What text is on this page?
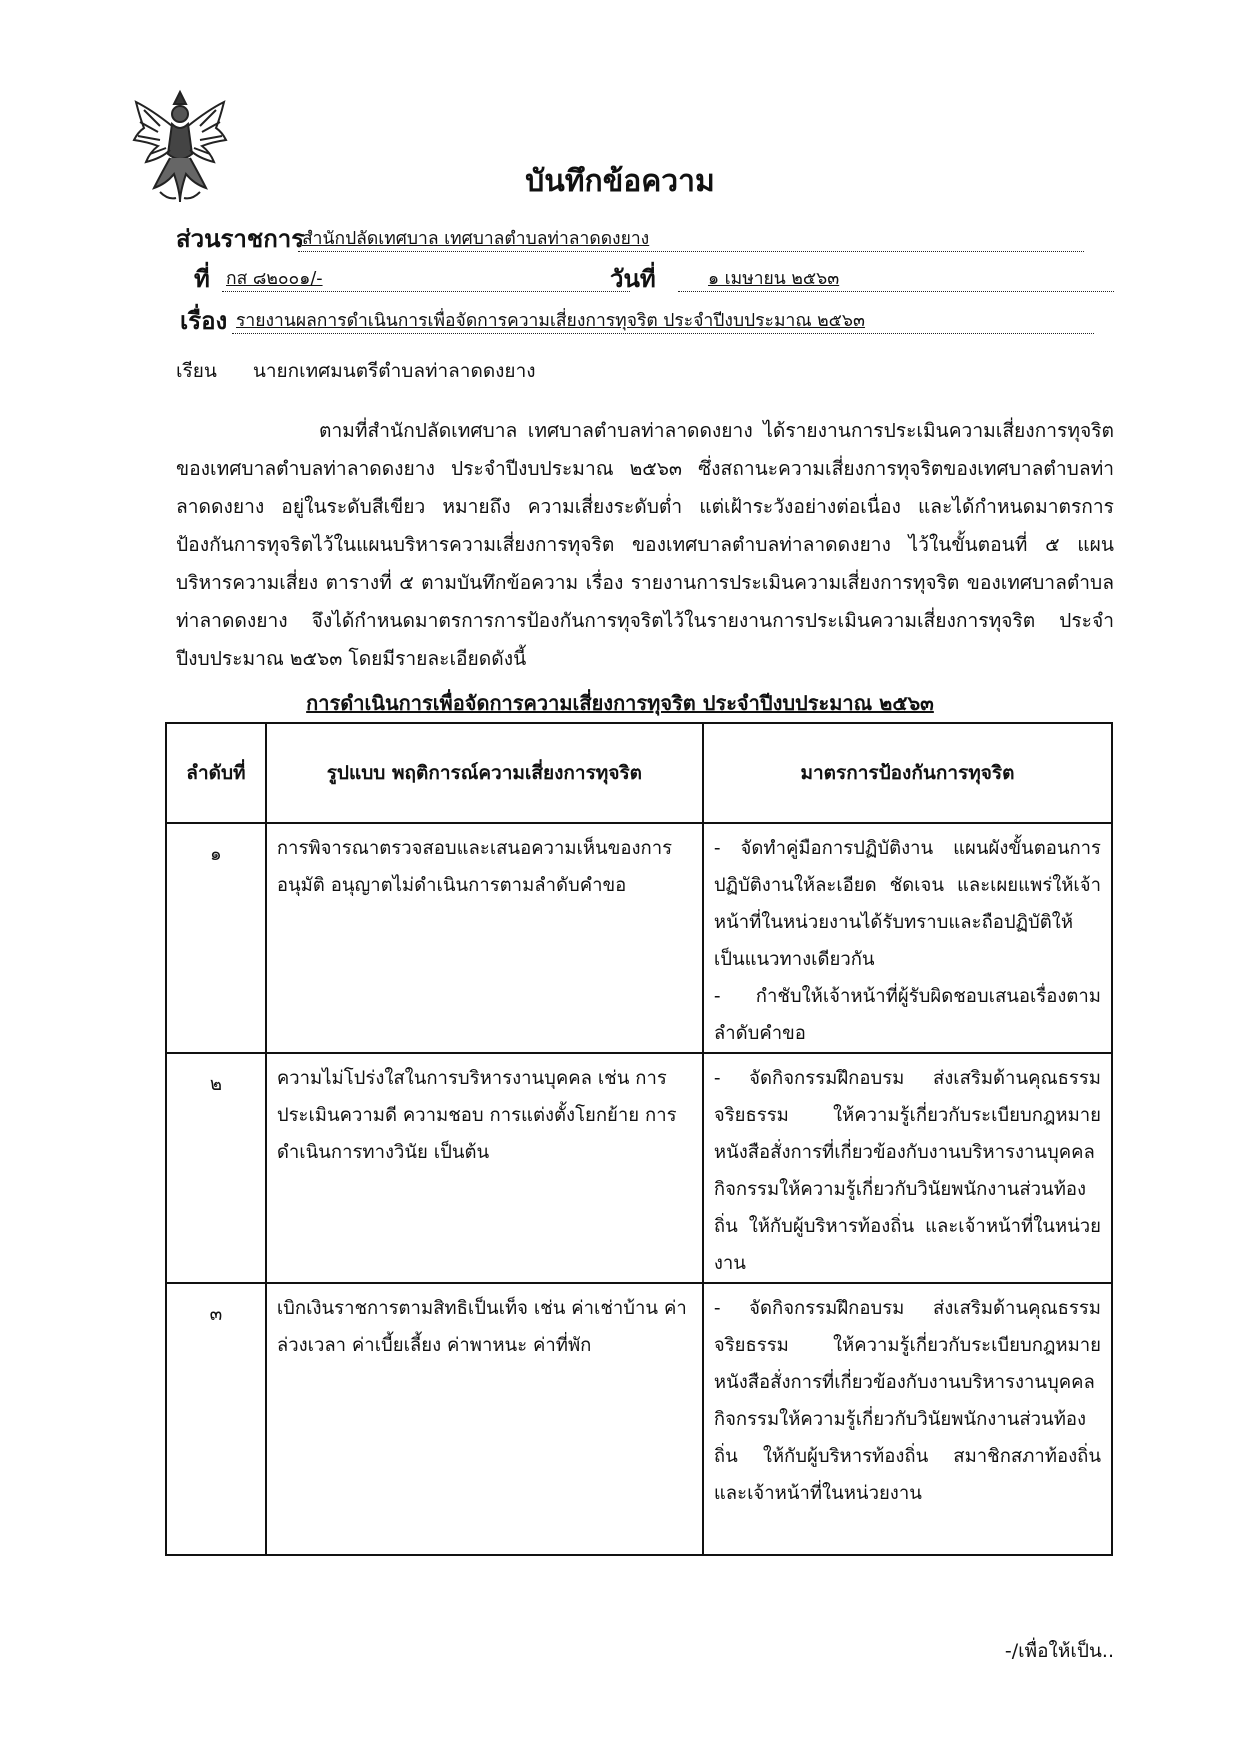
บันทึกข้อความ
ส่วนราชการ
สำนักปลัดเทศบาล เทศบาลตำบลท่าลาดดงยาง
ที่ กส ๘๒๐๐๑/-	วันที่	๑ เมษายน ๒๕๖๓
เรื่อง รายงานผลการดำเนินการเพื่อจัดการความเสี่ยงการทุจริต ประจำปีงบประมาณ ๒๕๖๓
เรียน นายกเทศมนตรีตำบลท่าลาดดงยาง

ตามที่สำนักปลัดเทศบาล เทศบาลตำบลท่าลาดดงยาง ได้รายงานการประเมินความเสี่ยงการทุจริตของเทศบาลตำบลท่าลาดดงยาง ประจำปีงบประมาณ ๒๕๖๓ ซึ่งสถานะความเสี่ยงการทุจริตของเทศบาลตำบลท่าลาดดงยาง อยู่ในระดับสีเขียว หมายถึง ความเสี่ยงระดับต่ำ แต่เฝ้าระวังอย่างต่อเนื่อง และได้กำหนดมาตรการป้องกันการทุจริตไว้ในแผนบริหารความเสี่ยงการทุจริต ของเทศบาลตำบลท่าลาดดงยาง ไว้ในขั้นตอนที่ ๕ แผนบริหารความเสี่ยง ตารางที่ ๕ ตามบันทึกข้อความ เรื่อง รายงานการประเมินความเสี่ยงการทุจริต ของเทศบาลตำบลท่าลาดดงยาง จึงได้กำหนดมาตรการการป้องกันการทุจริตไว้ในรายงานการประเมินความเสี่ยงการทุจริต ประจำปีงบประมาณ ๒๕๖๓ โดยมีรายละเอียดดังนี้

การดำเนินการเพื่อจัดการความเสี่ยงการทุจริต ประจำปีงบประมาณ ๒๕๖๓
ลำดับที่	รูปแบบ พฤติการณ์ความเสี่ยงการทุจริต	มาตรการป้องกันการทุจริต
๑	การพิจารณาตรวจสอบและเสนอความเห็นของการอนุมัติ อนุญาตไม่ดำเนินการตามลำดับคำขอ	- จัดทำคู่มือการปฏิบัติงาน แผนผังขั้นตอนการปฏิบัติงานให้ละเอียด ชัดเจน และเผยแพร่ให้เจ้าหน้าที่ในหน่วยงานได้รับทราบและถือปฏิบัติให้เป็นแนวทางเดียวกัน
- กำชับให้เจ้าหน้าที่ผู้รับผิดชอบเสนอเรื่องตามลำดับคำขอ

๒	ความไม่โปร่งใสในการบริหารงานบุคคล เช่น การประเมินความดี ความชอบ การแต่งตั้งโยกย้าย การดำเนินการทางวินัย เป็นต้น	- จัดกิจกรรมฝึกอบรม ส่งเสริมด้านคุณธรรมจริยธรรม ให้ความรู้เกี่ยวกับระเบียบกฎหมาย หนังสือสั่งการที่เกี่ยวข้องกับงานบริหารงานบุคคล กิจกรรมให้ความรู้เกี่ยวกับวินัยพนักงานส่วนท้องถิ่น ให้กับผู้บริหารท้องถิ่น และเจ้าหน้าที่ในหน่วยงาน

๓	เบิกเงินราชการตามสิทธิเป็นเท็จ เช่น ค่าเช่าบ้าน ค่าล่วงเวลา ค่าเบี้ยเลี้ยง ค่าพาหนะ ค่าที่พัก	- จัดกิจกรรมฝึกอบรม ส่งเสริมด้านคุณธรรมจริยธรรม ให้ความรู้เกี่ยวกับระเบียบกฎหมาย หนังสือสั่งการที่เกี่ยวข้องกับงานบริหารงานบุคคล กิจกรรมให้ความรู้เกี่ยวกับวินัยพนักงานส่วนท้องถิ่น ให้กับผู้บริหารท้องถิ่น สมาชิกสภาท้องถิ่น และเจ้าหน้าที่ในหน่วยงาน
-/เพื่อให้เป็น..
